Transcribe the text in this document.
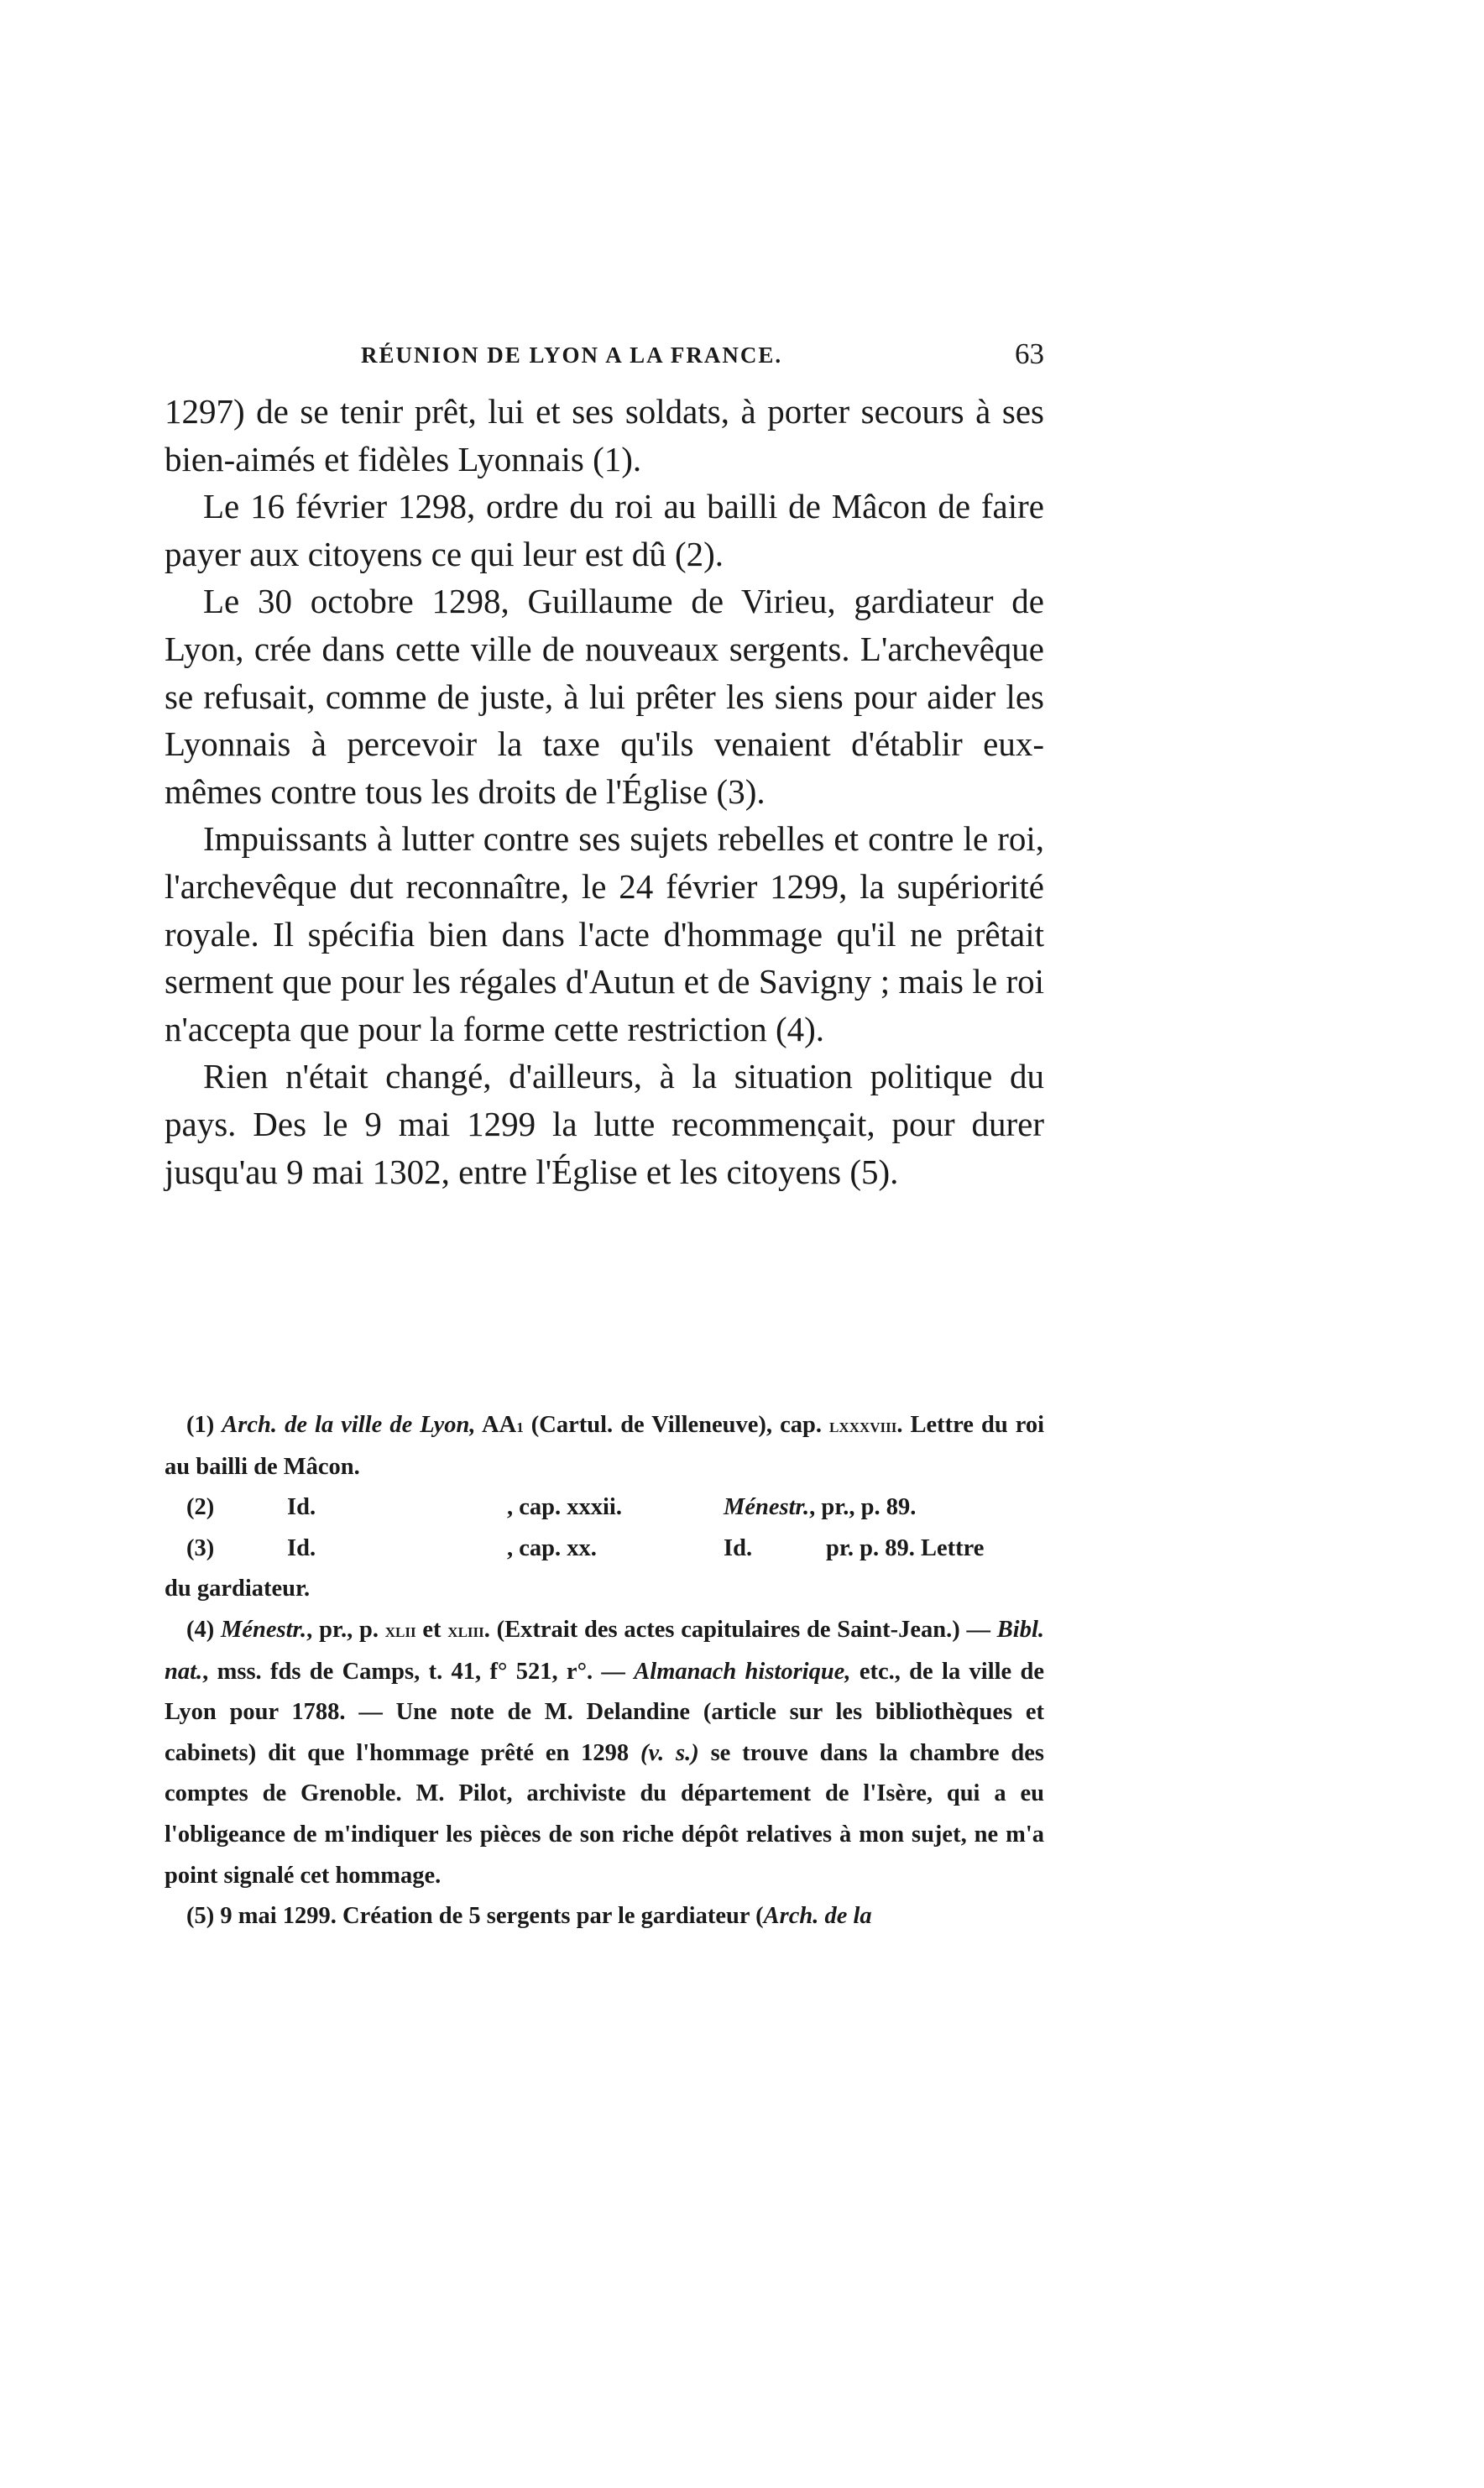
RÉUNION DE LYON A LA FRANCE.	63

1297) de se tenir prêt, lui et ses soldats, à porter secours à ses bien-aimés et fidèles Lyonnais (1).

Le 16 février 1298, ordre du roi au bailli de Mâcon de faire payer aux citoyens ce qui leur est dû (2).

Le 30 octobre 1298, Guillaume de Virieu, gardiateur de Lyon, crée dans cette ville de nouveaux sergents. L'archevêque se refusait, comme de juste, à lui prêter les siens pour aider les Lyonnais à percevoir la taxe qu'ils venaient d'établir eux-mêmes contre tous les droits de l'Église (3).

Impuissants à lutter contre ses sujets rebelles et contre le roi, l'archevêque dut reconnaître, le 24 février 1299, la supériorité royale. Il spécifia bien dans l'acte d'hommage qu'il ne prêtait serment que pour les régales d'Autun et de Savigny ; mais le roi n'accepta que pour la forme cette restriction (4).

Rien n'était changé, d'ailleurs, à la situation politique du pays. Des le 9 mai 1299 la lutte recommençait, pour durer jusqu'au 9 mai 1302, entre l'Église et les citoyens (5).

(1) Arch. de la ville de Lyon, $AA^1$ (Cartul. de Villeneuve), cap. lxxxviii. Lettre du roi au bailli de Mâcon.

(2)	Id.	, cap. xxxii.	Ménestr., pr., p. 89.
(3)	Id.	, cap. xx.	Id.	pr. p. 89. Lettre

du gardiateur.

(4) Ménestr., pr., p. xlii et xliii. (Extrait des actes capitulaires de Saint-Jean.) — Bibl. nat., mss. fds de Camps, t. 41, f° 521, r°. — Almanach historique, etc., de la ville de Lyon pour 1788. — Une note de M. Delandine (article sur les bibliothèques et cabinets) dit que l'hommage prêté en 1298 (v. s.) se trouve dans la chambre des comptes de Grenoble. M. Pilot, archiviste du département de l'Isère, qui a eu l'obligeance de m'indiquer les pièces de son riche dépôt relatives à mon sujet, ne m'a point signalé cet hommage.

(5) 9 mai 1299. Création de 5 sergents par le gardiateur (Arch. de la
